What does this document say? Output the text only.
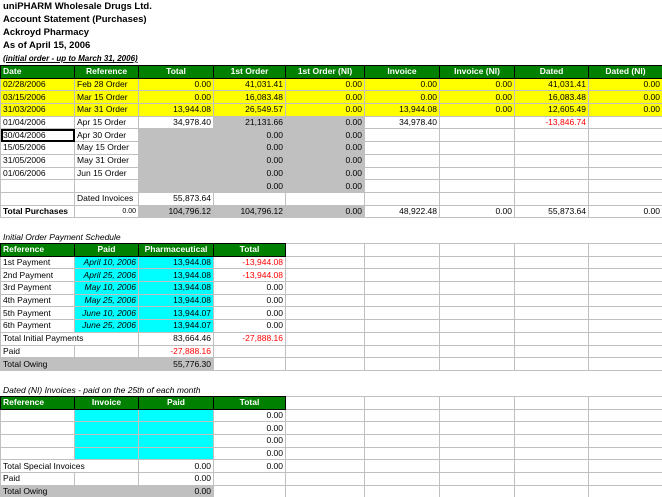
uniPHARM Wholesale Drugs Ltd.
Account Statement (Purchases)
Ackroyd Pharmacy
As of April 15, 2006
(initial order - up to March 31, 2006)
Date	Reference	Total	1st Order	1st Order (NI)	Invoice	Invoice (NI)	Dated	Dated (NI)
02/28/2006	Feb 28 Order	0.00	41,031.41	0.00	0.00	0.00	41,031.41	0.00
03/15/2006	Mar 15 Order	0.00	16,083.48	0.00	0.00	0.00	16,083.48	0.00
31/03/2006	Mar 31 Order	13,944.08	26,549.57	0.00	13,944.08	0.00	12,605.49	0.00
01/04/2006	Apr 15 Order	34,978.40	21,131.66	0.00	34,978.40		-13,846.74	
30/04/2006	Apr 30 Order		0.00	0.00				
15/05/2006	May 15 Order		0.00	0.00				
31/05/2006	May 31 Order		0.00	0.00				
01/06/2006	Jun 15 Order		0.00	0.00				
			0.00	0.00				
	Dated Invoices	55,873.64						
Total Purchases	0.00	104,796.12	104,796.12	0.00	48,922.48	0.00	55,873.64	0.00
Initial Order Payment Schedule
Reference	Paid	Pharmaceutical	Total					
1st Payment	April 10, 2006	13,944.08	-13,944.08					
2nd Payment	April 25, 2006	13,944.08	-13,944.08					
3rd Payment	May 10, 2006	13,944.08	0.00					
4th Payment	May 25, 2006	13,944.08	0.00					
5th Payment	June 10, 2006	13,944.07	0.00					
6th Payment	June 25, 2006	13,944.07	0.00					
Total Initial Payments		83,664.46	-27,888.16					
Paid		-27,888.16						
Total Owing		55,776.30						
Dated (NI) Invoices - paid on the 25th of each month
Reference	Invoice	Paid	Total					
			0.00					
			0.00					
			0.00					
			0.00					
Total Special Invoices		0.00	0.00					
Paid		0.00						
Total Owing		0.00						
